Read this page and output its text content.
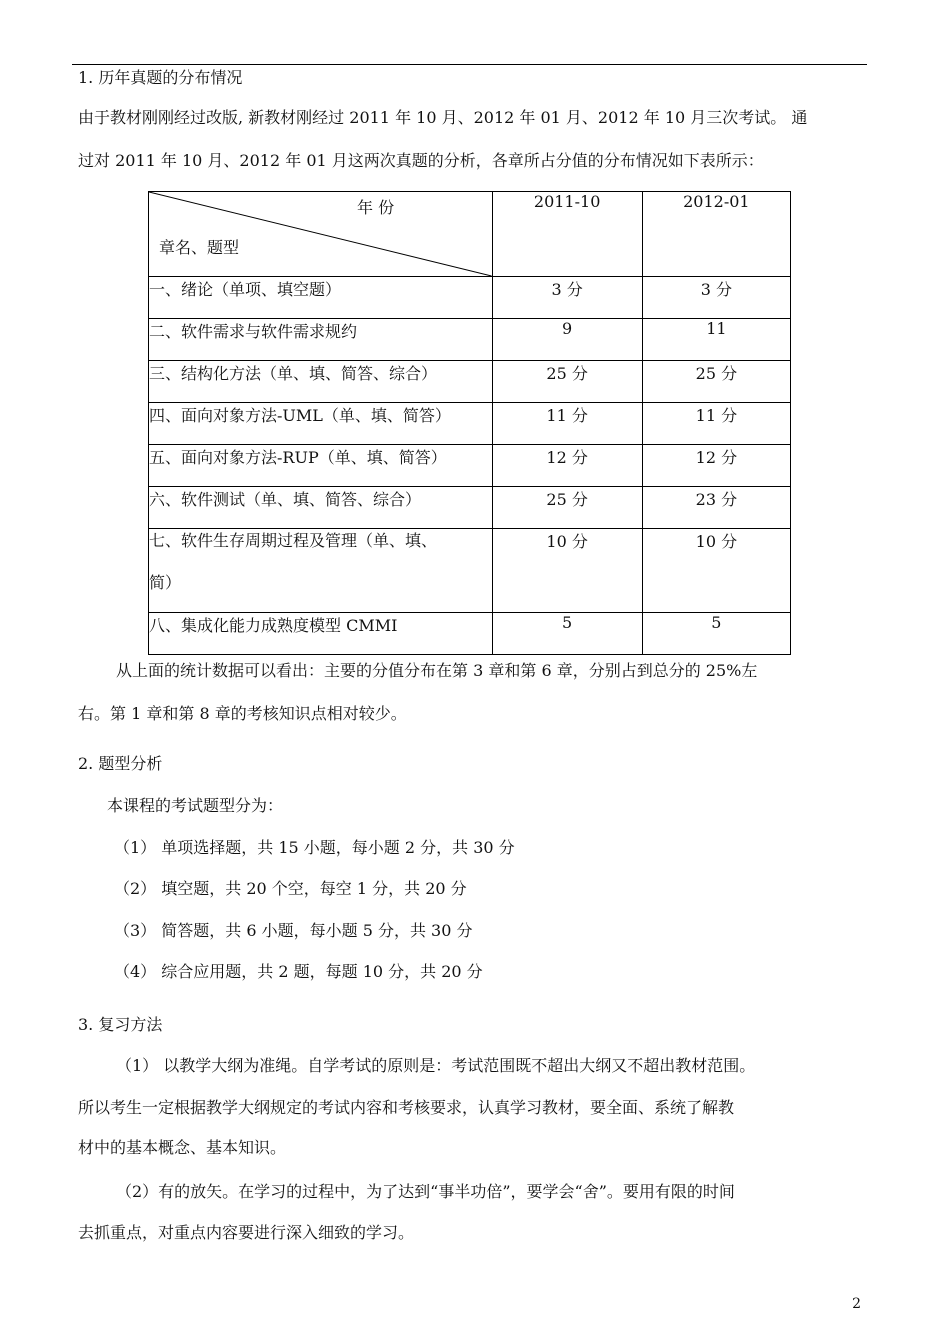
1. 历年真题的分布情况
由于教材刚刚经过改版, 新教材刚经过 2011 年 10 月、2012 年 01 月、2012 年 10 月三次考试。 通
过对 2011 年 10 月、2012 年 01 月这两次真题的分析，各章所占分值的分布情况如下表所示：
年 份
章名、题型	2011-10	2012-01
一、绪论（单项、填空题）	3 分	3 分
二、软件需求与软件需求规约	9	11
三、结构化方法（单、填、简答、综合）	25 分	25 分
四、面向对象方法-UML（单、填、简答）	11 分	11 分
五、面向对象方法-RUP（单、填、简答）	12 分	12 分
六、软件测试（单、填、简答、综合）	25 分	23 分

七、软件生存周期过程及管理（单、填、
简）	10 分	10 分
八、集成化能力成熟度模型 CMMI	5	5
从上面的统计数据可以看出：主要的分值分布在第 3 章和第 6 章，分别占到总分的 25%左
右。第 1 章和第 8 章的考核知识点相对较少。
2. 题型分析
本课程的考试题型分为：
（1） 单项选择题，共 15 小题，每小题 2 分，共 30 分
（2） 填空题，共 20 个空，每空 1 分，共 20 分
（3） 简答题，共 6 小题，每小题 5 分，共 30 分
（4） 综合应用题，共 2 题，每题 10 分，共 20 分
3. 复习方法
（1） 以教学大纲为准绳。自学考试的原则是：考试范围既不超出大纲又不超出教材范围。
所以考生一定根据教学大纲规定的考试内容和考核要求，认真学习教材，要全面、系统了解教
材中的基本概念、基本知识。
（2）有的放矢。在学习的过程中，为了达到“事半功倍”，要学会“舍”。要用有限的时间
去抓重点，对重点内容要进行深入细致的学习。
2
